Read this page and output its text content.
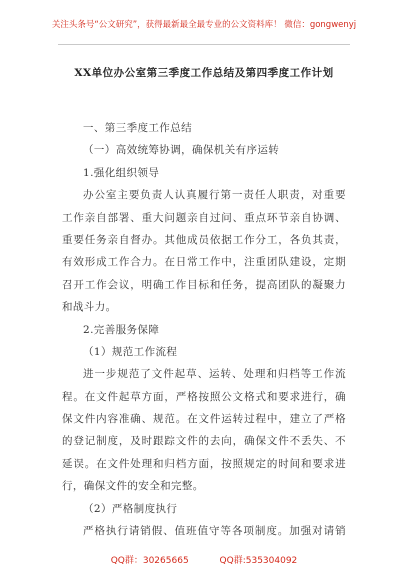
关注头条号“公文研究”，获得最新最全最专业的公文资料库！ 微信：gongwenyj
XX单位办公室第三季度工作总结及第四季度工作计划
一、第三季度工作总结
（一）高效统筹协调，确保机关有序运转
1.强化组织领导
办公室主要负责人认真履行第一责任人职责，对重要
工作亲自部署、重大问题亲自过问、重点环节亲自协调、
重要任务亲自督办。其他成员依据工作分工，各负其责，
有效形成工作合力。在日常工作中，注重团队建设，定期
召开工作会议，明确工作目标和任务，提高团队的凝聚力
和战斗力。
2.完善服务保障
（1）规范工作流程
进一步规范了文件起草、运转、处理和归档等工作流
程。在文件起草方面，严格按照公文格式和要求进行，确
保文件内容准确、规范。在文件运转过程中，建立了严格
的登记制度，及时跟踪文件的去向，确保文件不丢失、不
延误。在文件处理和归档方面，按照规定的时间和要求进
行，确保文件的安全和完整。
（2）严格制度执行
严格执行请销假、值班值守等各项制度。加强对请销
QQ群：30265665	QQ群:535304092
